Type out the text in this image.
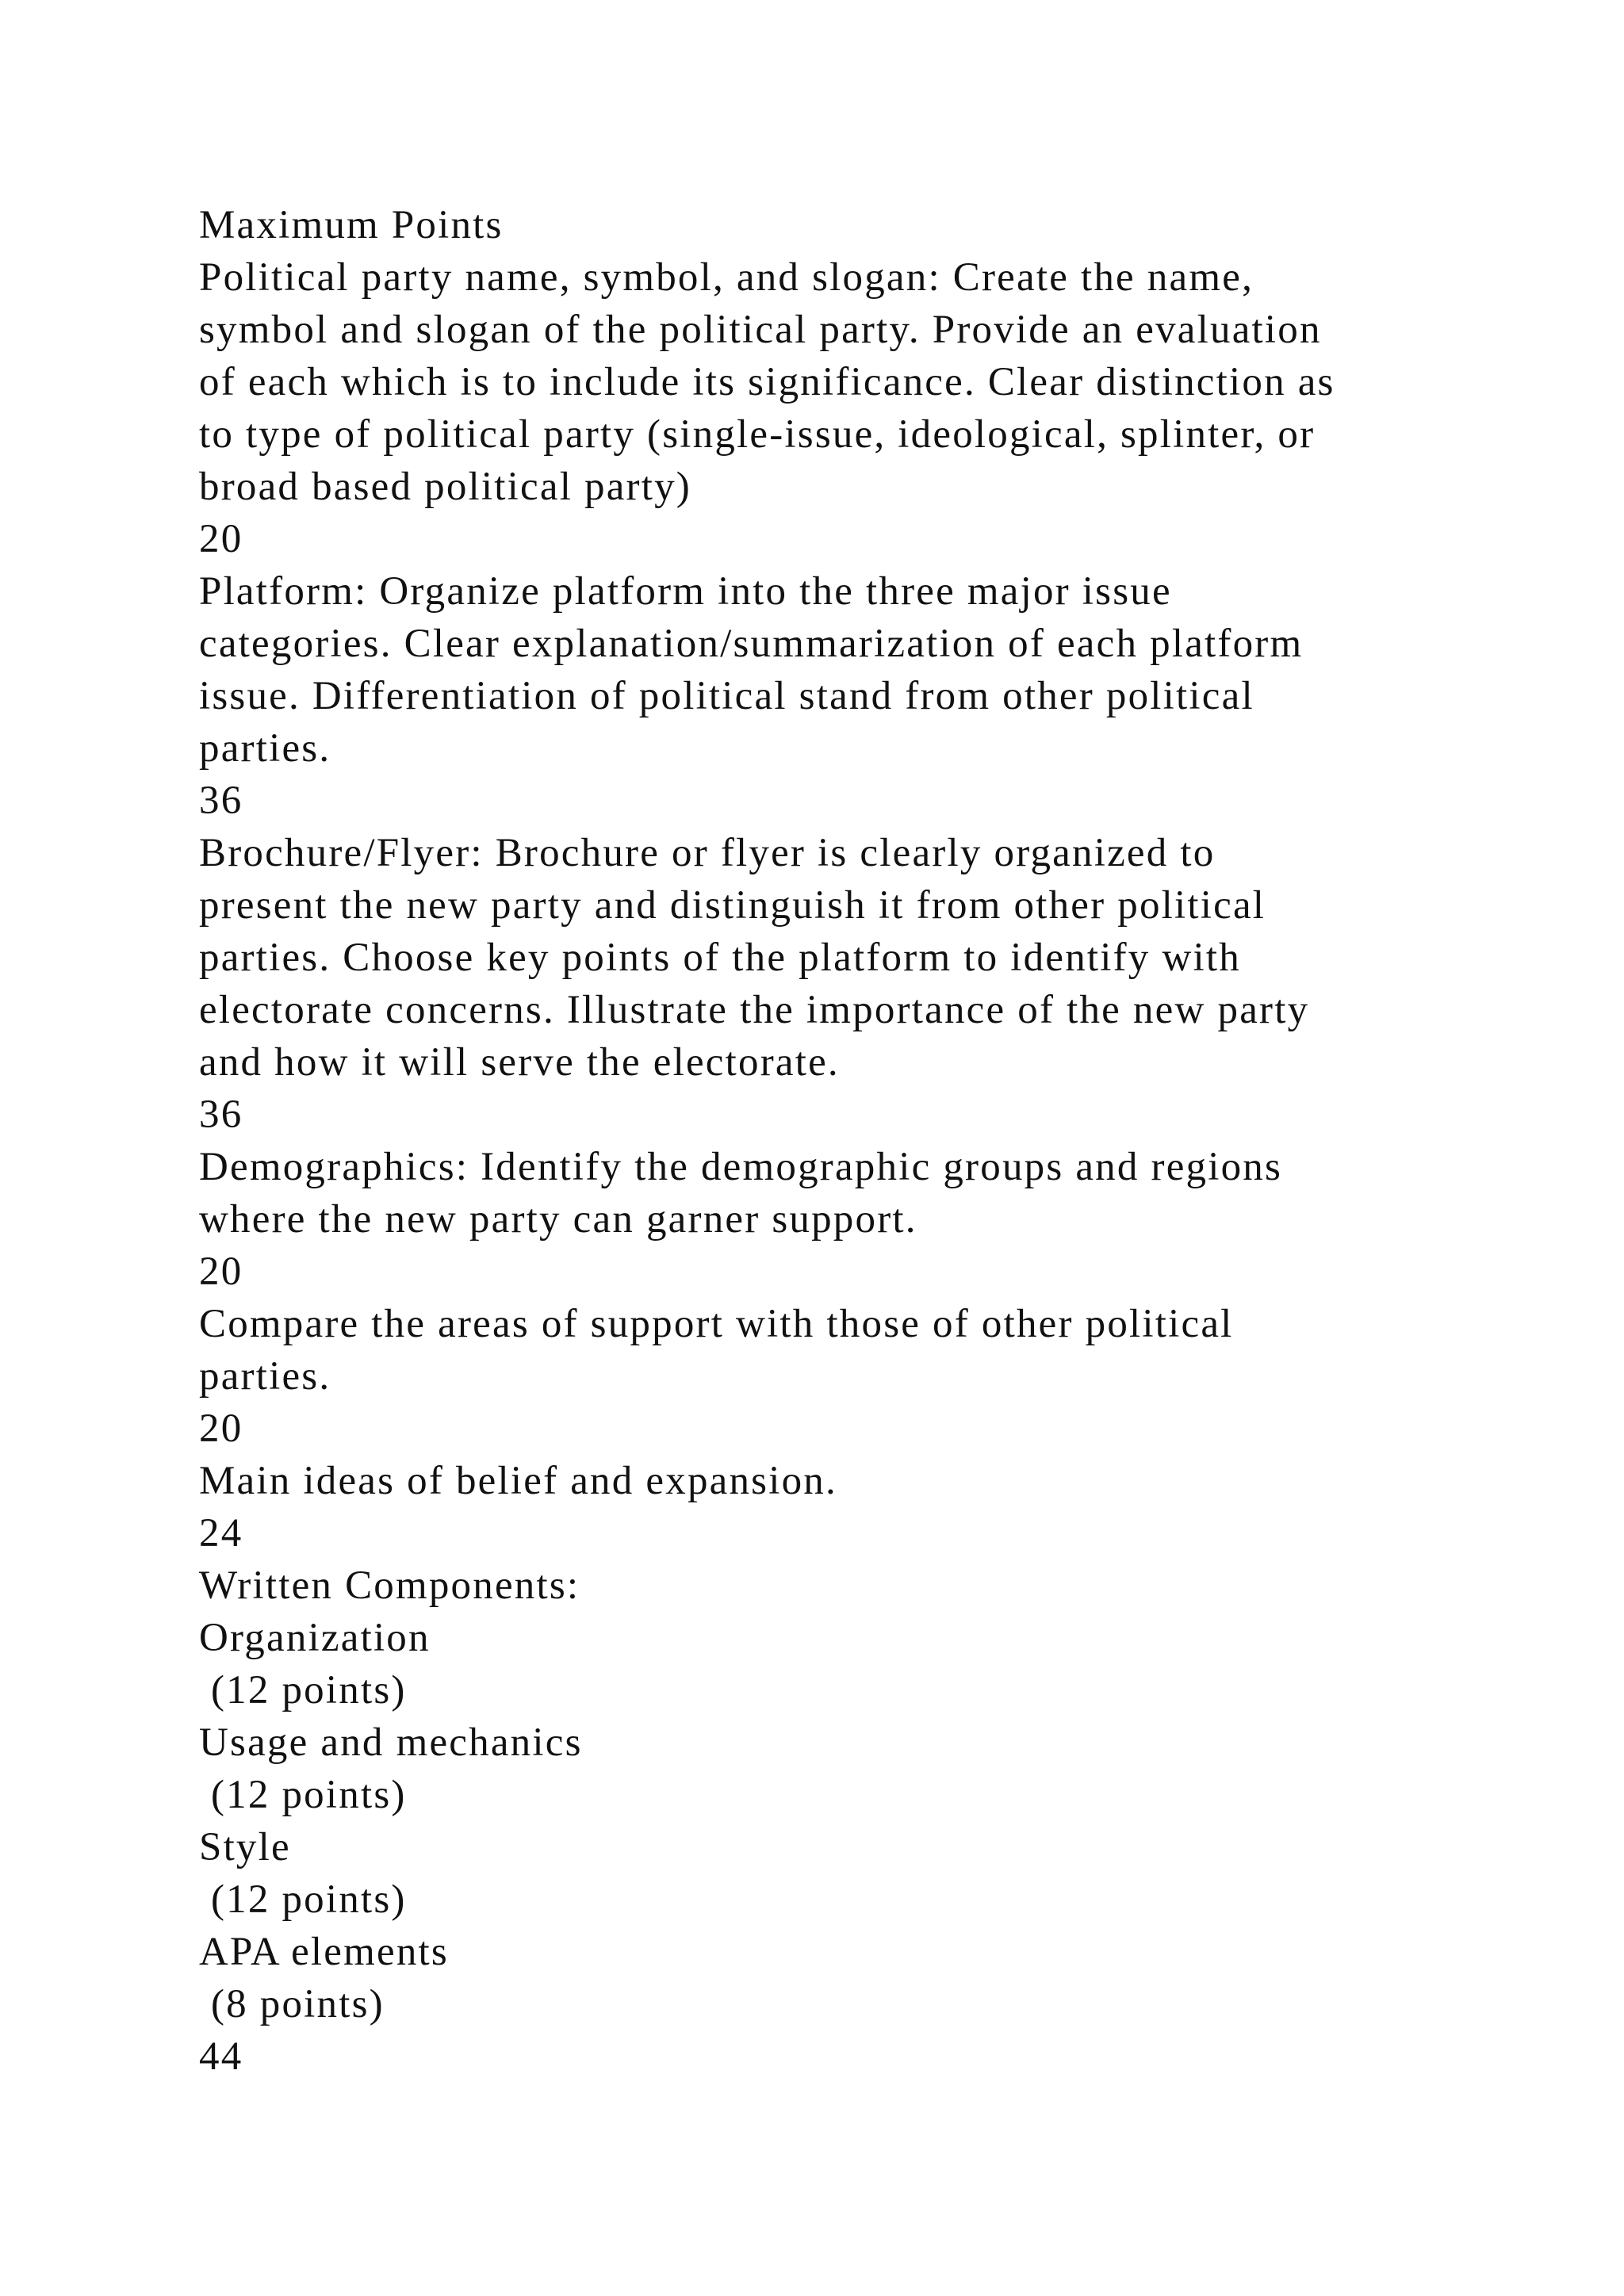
Maximum Points
Political party name, symbol, and slogan: Create the name,
symbol and slogan of the political party. Provide an evaluation
of each which is to include its significance. Clear distinction as
to type of political party (single-issue, ideological, splinter, or
broad based political party)
20
Platform: Organize platform into the three major issue
categories. Clear explanation/summarization of each platform
issue. Differentiation of political stand from other political
parties.
36
Brochure/Flyer: Brochure or flyer is clearly organized to
present the new party and distinguish it from other political
parties. Choose key points of the platform to identify with
electorate concerns. Illustrate the importance of the new party
and how it will serve the electorate.
36
Demographics: Identify the demographic groups and regions
where the new party can garner support.
20
Compare the areas of support with those of other political
parties.
20
Main ideas of belief and expansion.
24
Written Components:
Organization
(12 points)
Usage and mechanics
(12 points)
Style
(12 points)
APA elements
(8 points)
44
